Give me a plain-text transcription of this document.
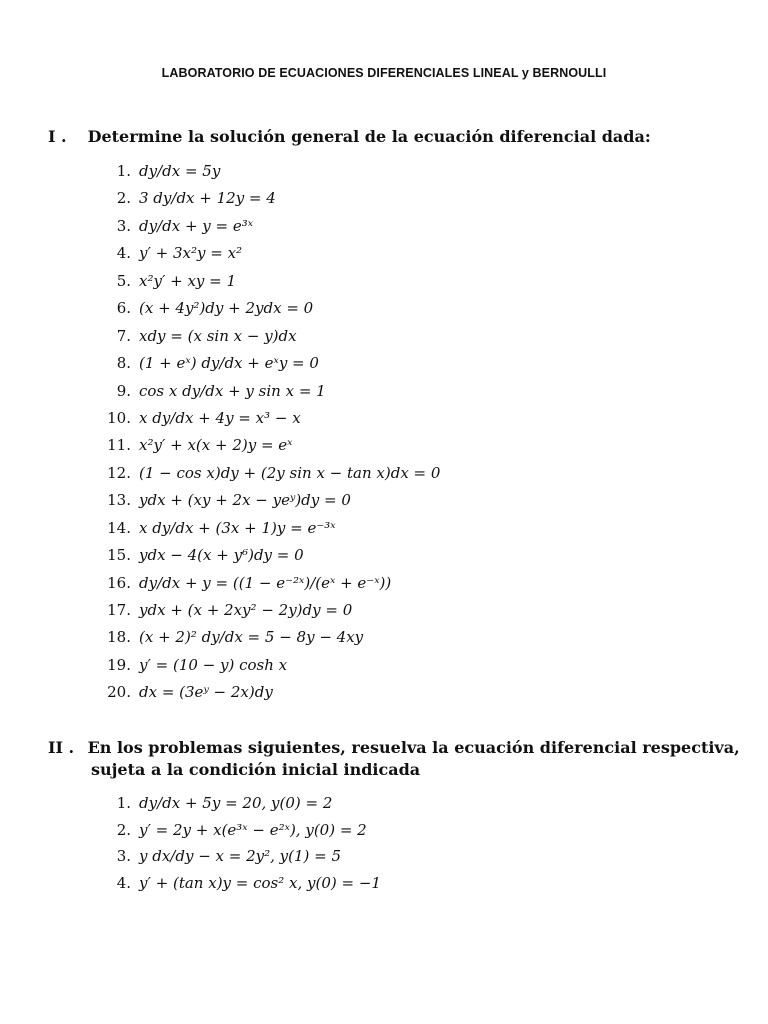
LABORATORIO DE ECUACIONES DIFERENCIALES LINEAL y BERNOULLI
I . Determine la solución general de la ecuación diferencial dada:
1. dy/dx = 5y
2. 3 dy/dx + 12y = 4
3. dy/dx + y = e³ˣ
4. y′ + 3x²y = x²
5. x²y′ + xy = 1
6. (x + 4y²)dy + 2ydx = 0
7. xdy = (x sin x − y)dx
8. (1 + eˣ) dy/dx + eˣy = 0
9. cos x dy/dx + y sin x = 1
10. x dy/dx + 4y = x³ − x
11. x²y′ + x(x + 2)y = eˣ
12. (1 − cos x)dy + (2y sin x − tan x)dx = 0
13. ydx + (xy + 2x − yeʸ)dy = 0
14. x dy/dx + (3x + 1)y = e⁻³ˣ
15. ydx − 4(x + y⁶)dy = 0
16. dy/dx + y = ((1 − e⁻²ˣ)/(eˣ + e⁻ˣ))
17. ydx + (x + 2xy² − 2y)dy = 0
18. (x + 2)² dy/dx = 5 − 8y − 4xy
19. y′ = (10 − y) cosh x
20. dx = (3eʸ − 2x)dy
II . En los problemas siguientes, resuelva la ecuación diferencial respectiva,
sujeta a la condición inicial indicada
1. dy/dx + 5y = 20, y(0) = 2
2. y′ = 2y + x(e³ˣ − e²ˣ), y(0) = 2
3. y dx/dy − x = 2y², y(1) = 5
4. y′ + (tan x)y = cos² x, y(0) = −1
